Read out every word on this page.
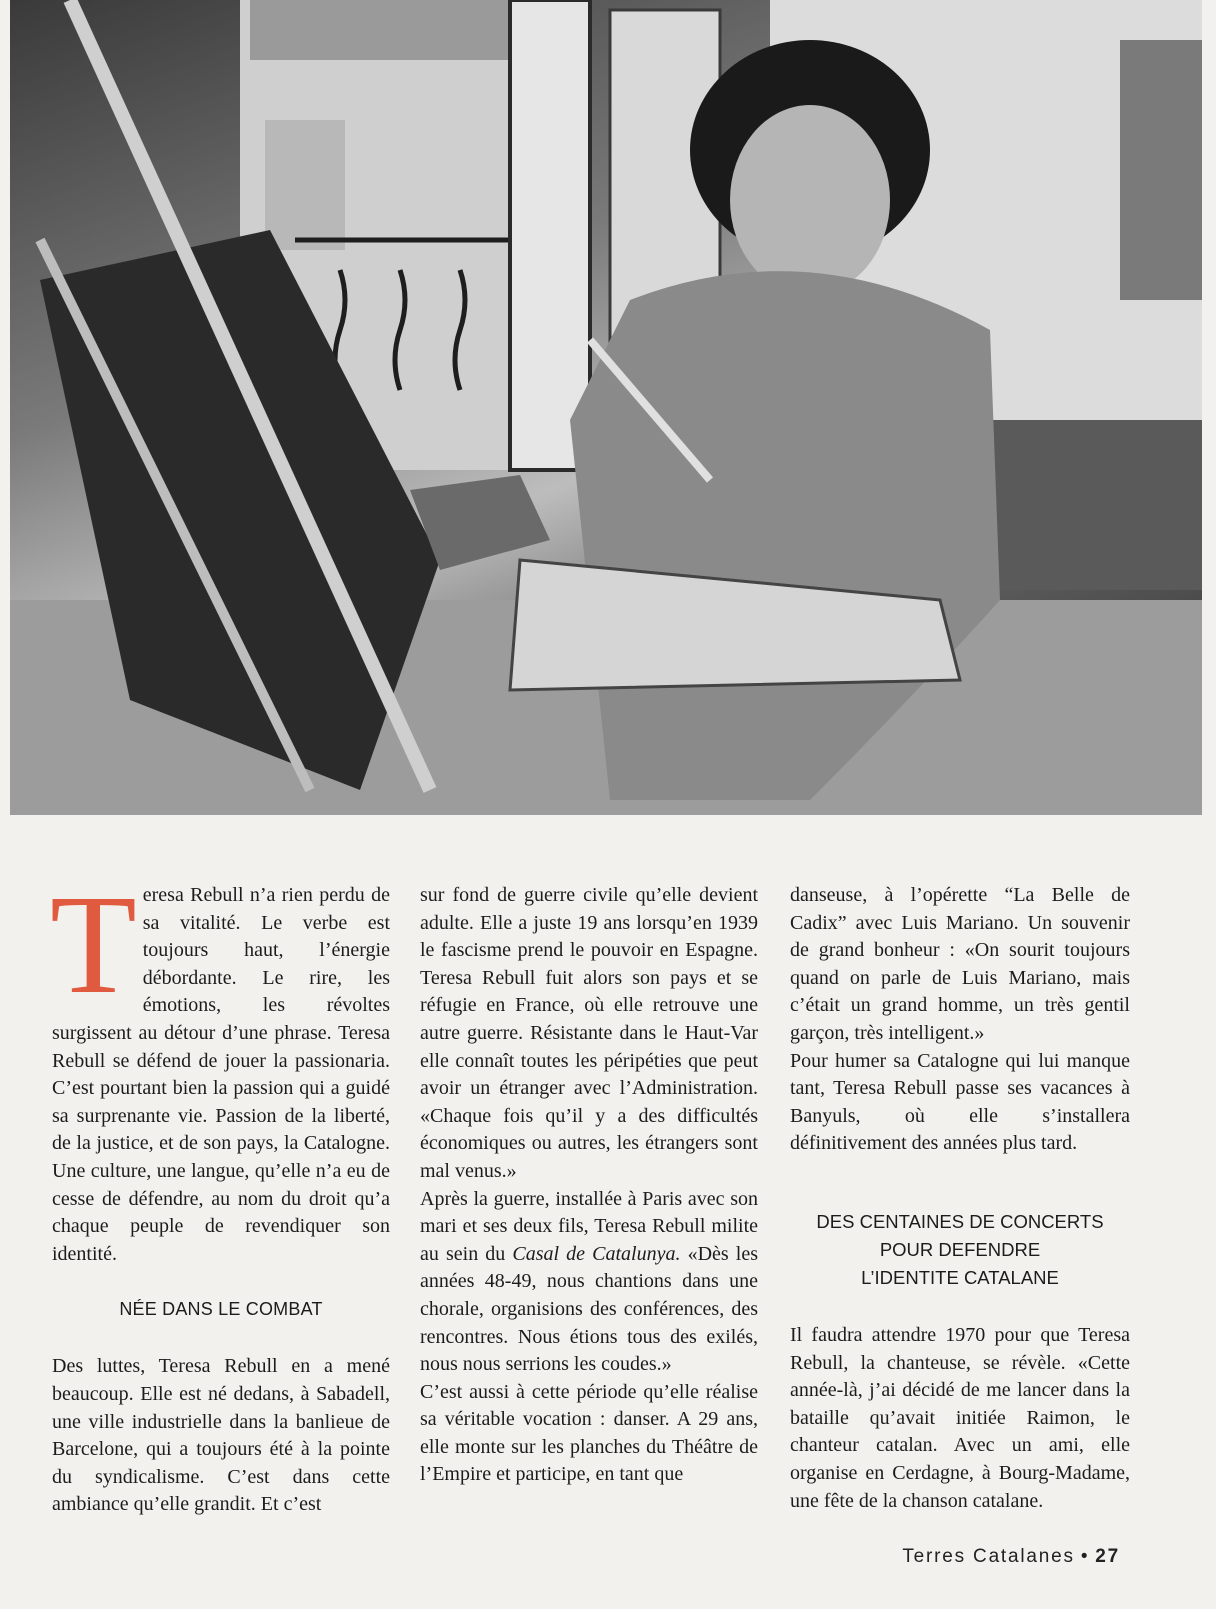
T eresa Rebull n’a rien perdu de sa vitalité. Le verbe est toujours haut, l’énergie débordante. Le rire, les émotions, les révoltes surgissent au détour d’une phrase. Teresa Rebull se défend de jouer la passionaria. C’est pourtant bien la passion qui a guidé sa surprenante vie. Passion de la liberté, de la justice, et de son pays, la Catalogne. Une culture, une langue, qu’elle n’a eu de cesse de défendre, au nom du droit qu’a chaque peuple de revendiquer son identité.

NÉE DANS LE COMBAT

Des luttes, Teresa Rebull en a mené beaucoup. Elle est né dedans, à Sabadell, une ville industrielle dans la banlieue de Barcelone, qui a toujours été à la pointe du syndicalisme. C’est dans cette ambiance qu’elle grandit. Et c’est

sur fond de guerre civile qu’elle devient adulte. Elle a juste 19 ans lorsqu’en 1939 le fascisme prend le pouvoir en Espagne. Teresa Rebull fuit alors son pays et se réfugie en France, où elle retrouve une autre guerre. Résistante dans le Haut-Var elle connaît toutes les péripéties que peut avoir un étranger avec l’Administration. «Chaque fois qu’il y a des difficultés économiques ou autres, les étrangers sont mal venus.»

Après la guerre, installée à Paris avec son mari et ses deux fils, Teresa Rebull milite au sein du Casal de Catalunya. «Dès les années 48-49, nous chantions dans une chorale, organisions des conférences, des rencontres. Nous étions tous des exilés, nous nous serrions les coudes.»

C’est aussi à cette période qu’elle réalise sa véritable vocation : danser. A 29 ans, elle monte sur les planches du Théâtre de l’Empire et participe, en tant que

danseuse, à l’opérette “La Belle de Cadix” avec Luis Mariano. Un souvenir de grand bonheur : «On sourit toujours quand on parle de Luis Mariano, mais c’était un grand homme, un très gentil garçon, très intelligent.»

Pour humer sa Catalogne qui lui manque tant, Teresa Rebull passe ses vacances à Banyuls, où elle s’installera définitivement des années plus tard.

DES CENTAINES DE CONCERTS
POUR DEFENDRE
L’IDENTITE CATALANE

Il faudra attendre 1970 pour que Teresa Rebull, la chanteuse, se révèle. «Cette année-là, j’ai décidé de me lancer dans la bataille qu’avait initiée Raimon, le chanteur catalan. Avec un ami, elle organise en Cerdagne, à Bourg-Madame, une fête de la chanson catalane.

Terres Catalanes • 27
